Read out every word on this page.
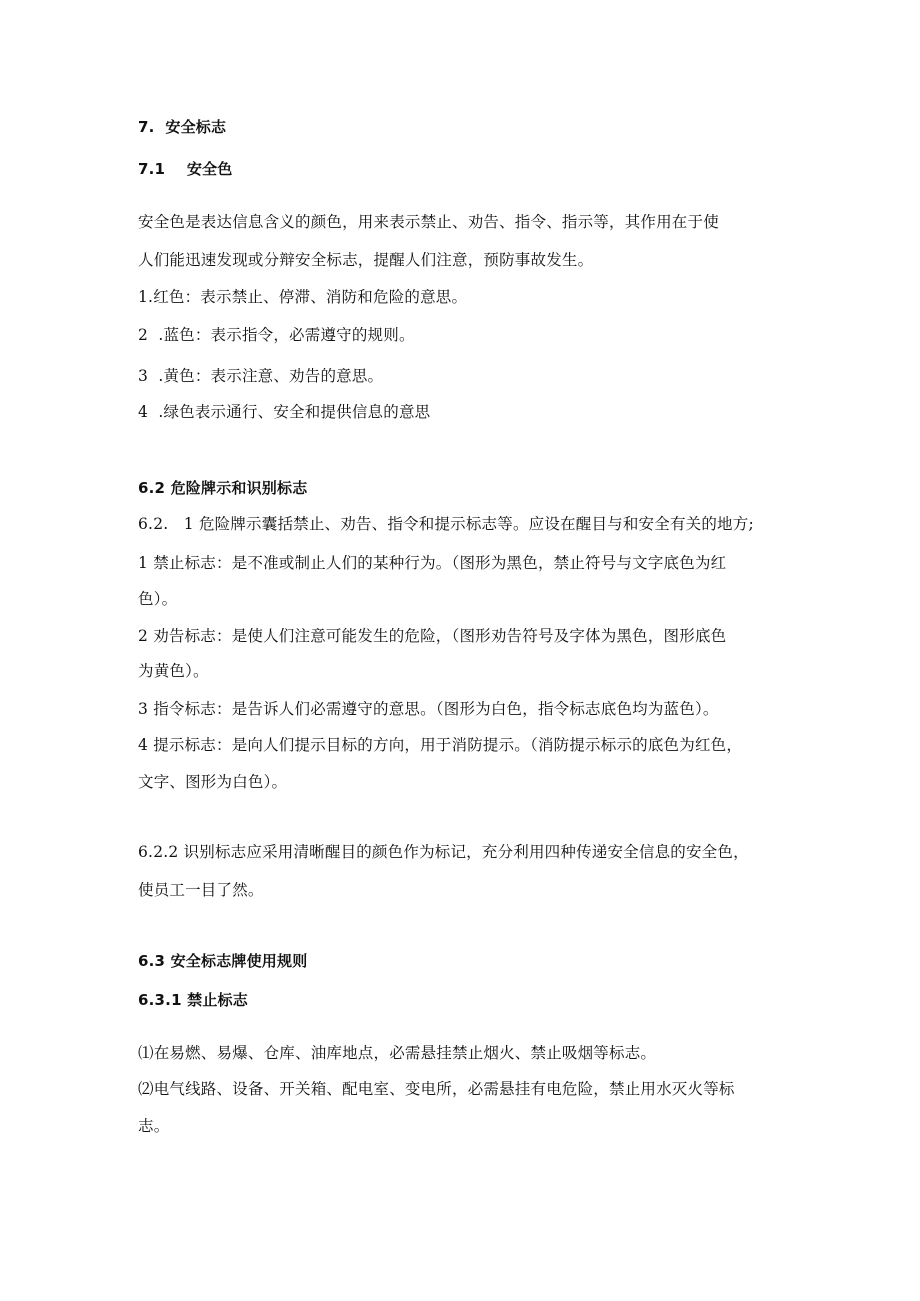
7.  安全标志
7.1    安全色
安全色是表达信息含义的颜色，用来表示禁止、劝告、指令、指示等，其作用在于使
人们能迅速发现或分辩安全标志，提醒人们注意，预防事故发生。
1.红色：表示禁止、停滞、消防和危险的意思。
2  .蓝色：表示指令，必需遵守的规则。
3  .黄色：表示注意、劝告的意思。
4  .绿色表示通行、安全和提供信息的意思
6.2 危险牌示和识别标志
6.2.   1 危险牌示囊括禁止、劝告、指令和提示标志等。应设在醒目与和安全有关的地方;
1 禁止标志：是不准或制止人们的某种行为。（图形为黑色，禁止符号与文字底色为红
色）。
2 劝告标志：是使人们注意可能发生的危险，（图形劝告符号及字体为黑色，图形底色
为黄色）。
3 指令标志：是告诉人们必需遵守的意思。（图形为白色，指令标志底色均为蓝色）。
4 提示标志：是向人们提示目标的方向，用于消防提示。（消防提示标示的底色为红色，
文字、图形为白色）。
6.2.2 识别标志应采用清晰醒目的颜色作为标记，充分利用四种传递安全信息的安全色，
使员工一目了然。
6.3 安全标志牌使用规则
6.3.1 禁止标志
⑴在易燃、易爆、仓库、油库地点，必需悬挂禁止烟火、禁止吸烟等标志。
⑵电气线路、设备、开关箱、配电室、变电所，必需悬挂有电危险，禁止用水灭火等标
志。
